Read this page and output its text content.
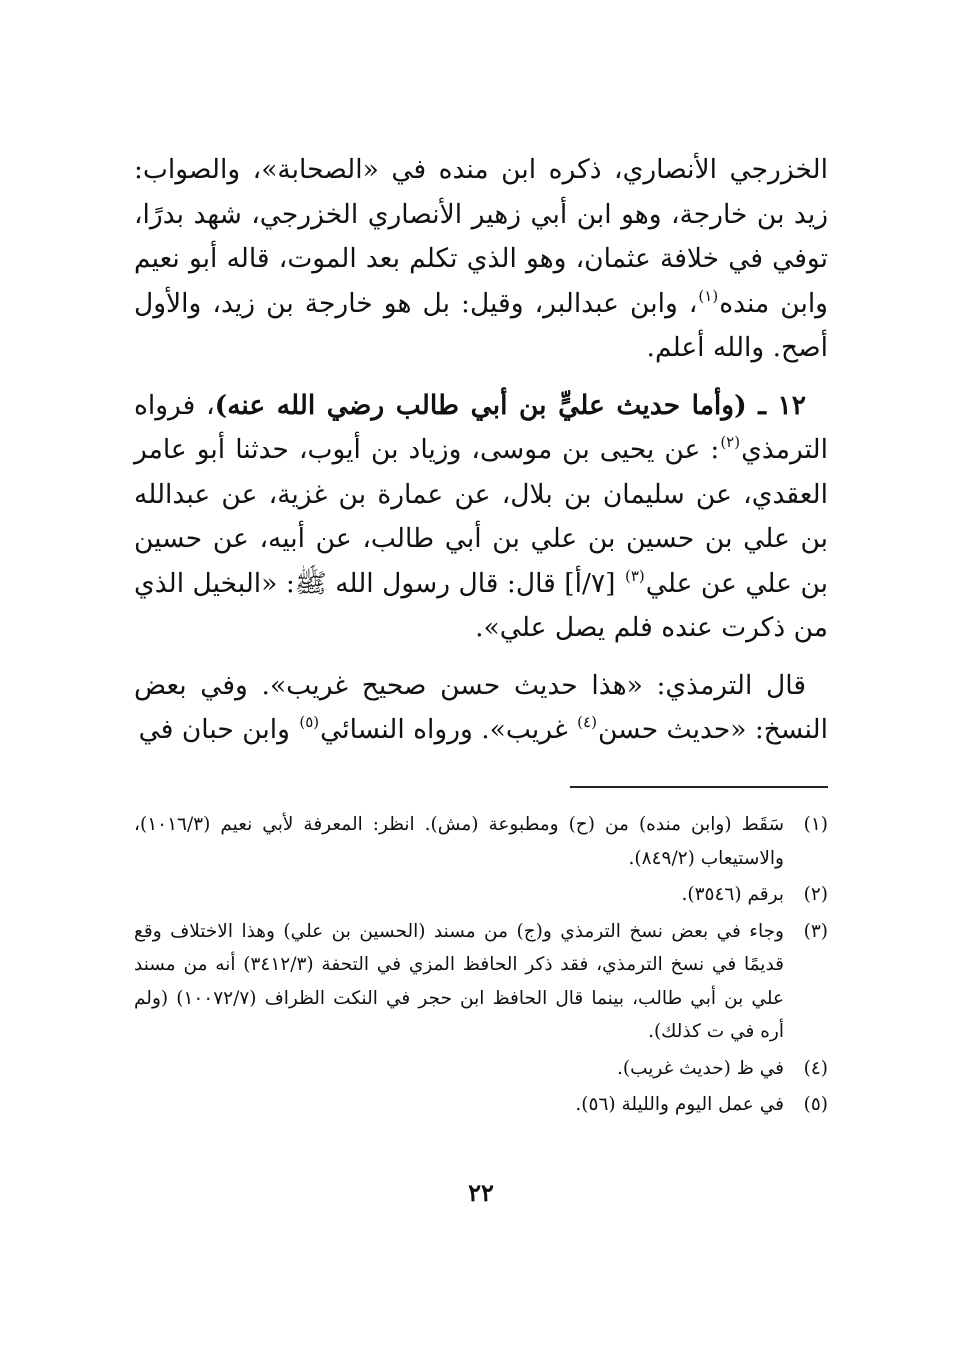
الخزرجي الأنصاري، ذكره ابن منده في «الصحابة»، والصواب: زيد بن خارجة، وهو ابن أبي زهير الأنصاري الخزرجي، شهد بدرًا، توفي في خلافة عثمان، وهو الذي تكلم بعد الموت، قاله أبو نعيم وابن منده$^{(١)}$، وابن عبدالبر، وقيل: بل هو خارجة بن زيد، والأول أصح. والله أعلم.

١٢ ـ (وأما حديث عليٍّ بن أبي طالب رضي الله عنه)، فرواه الترمذي$^{(٢)}$: عن يحيى بن موسى، وزياد بن أيوب، حدثنا أبو عامر العقدي، عن سليمان بن بلال، عن عمارة بن غزية، عن عبدالله بن علي بن حسين بن علي بن أبي طالب، عن أبيه، عن حسين بن علي عن علي$^{(٣)}$ [٧/أ] قال: قال رسول الله ﷺ: «البخيل الذي من ذكرت عنده فلم يصل علي».

قال الترمذي: «هذا حديث حسن صحيح غريب». وفي بعض النسخ: «حديث حسن$^{(٤)}$ غريب». ورواه النسائي$^{(٥)}$ وابن حبان في

(١)
سَقَط (وابن منده) من (ح) ومطبوعة (مش). انظر: المعرفة لأبي نعيم (١٠١٦/٣)، والاستيعاب (٨٤٩/٢).
(٢)
برقم (٣٥٤٦).
(٣)
وجاء في بعض نسخ الترمذي و(ج) من مسند (الحسين بن علي) وهذا الاختلاف وقع قديمًا في نسخ الترمذي، فقد ذكر الحافظ المزي في التحفة (٣٤١٢/٣) أنه من مسند علي بن أبي طالب، بينما قال الحافظ ابن حجر في النكت الظراف (١٠٠٧٢/٧) (ولم أره في ت كذلك).
(٤)
في ظ (حديث غريب).
(٥)
في عمل اليوم والليلة (٥٦).
٢٢
